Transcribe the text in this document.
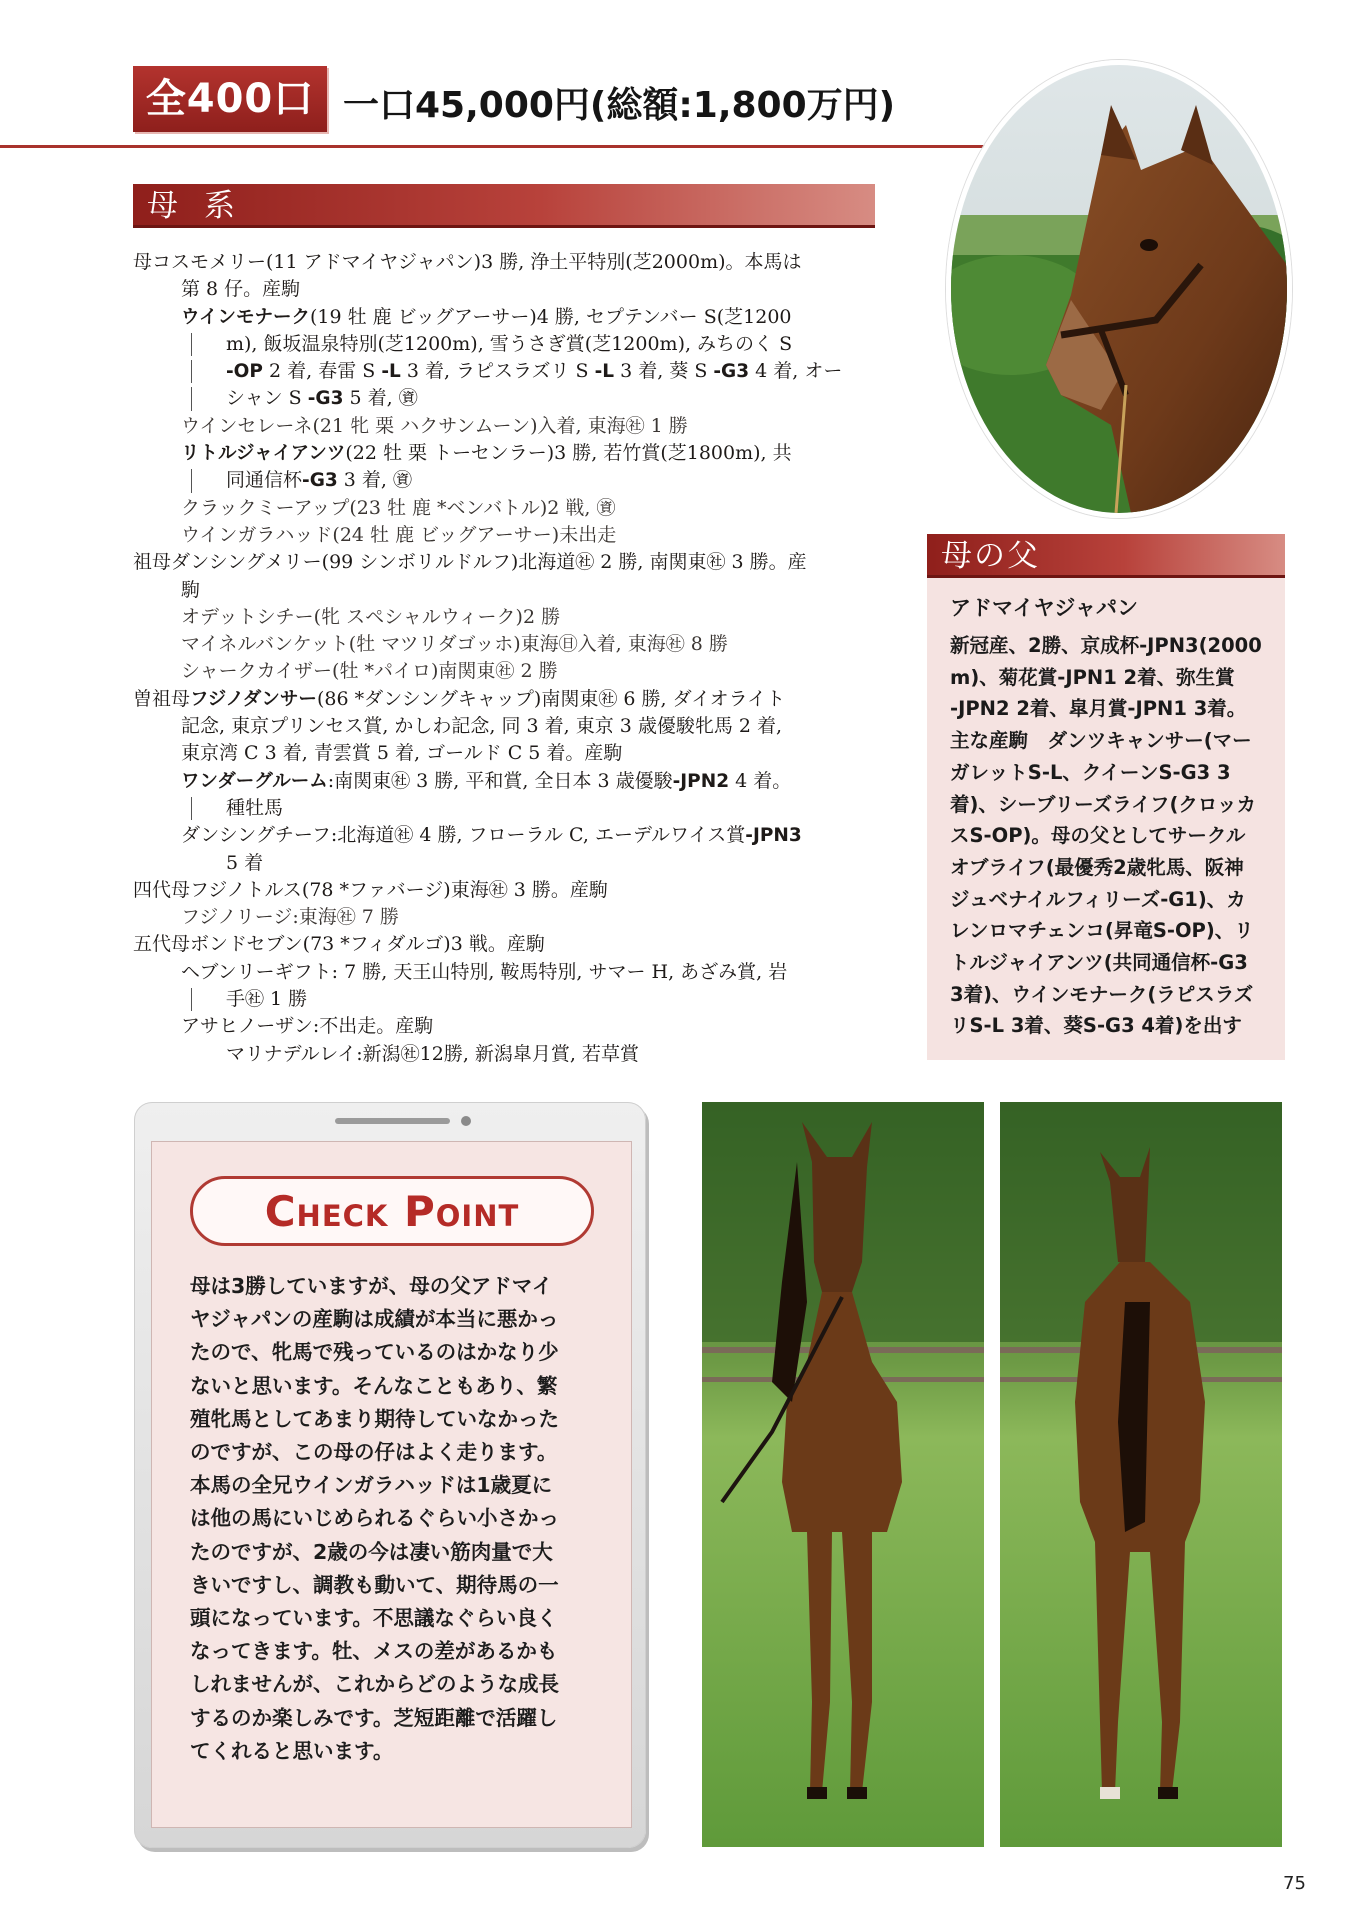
全400口 一口45,000円(総額:1,800万円)
母系
母コスモメリー(11 アドマイヤジャパン)3 勝, 浄土平特別(芝2000m)。本馬は
第 8 仔。産駒
ウインモナーク(19 牡 鹿 ビッグアーサー)4 勝, セプテンバー S(芝1200
m), 飯坂温泉特別(芝1200m), 雪うさぎ賞(芝1200m), みちのく S
-OP 2 着, 春雷 S -L 3 着, ラピスラズリ S -L 3 着, 葵 S -G3 4 着, オー
シャン S -G3 5 着, ㊮
ウインセレーネ(21 牝 栗 ハクサンムーン)入着, 東海㊓ 1 勝
リトルジャイアンツ(22 牡 栗 トーセンラー)3 勝, 若竹賞(芝1800m), 共
同通信杯-G3 3 着, ㊮
クラックミーアップ(23 牡 鹿 *ベンバトル)2 戦, ㊮
ウインガラハッド(24 牡 鹿 ビッグアーサー)未出走
祖母ダンシングメリー(99 シンボリルドルフ)北海道㊓ 2 勝, 南関東㊓ 3 勝。産
駒
オデットシチー(牝 スペシャルウィーク)2 勝
マイネルバンケット(牡 マツリダゴッホ)東海㊐入着, 東海㊓ 8 勝
シャークカイザー(牡 *パイロ)南関東㊓ 2 勝
曽祖母フジノダンサー(86 *ダンシングキャップ)南関東㊓ 6 勝, ダイオライト
記念, 東京プリンセス賞, かしわ記念, 同 3 着, 東京 3 歳優駿牝馬 2 着,
東京湾 C 3 着, 青雲賞 5 着, ゴールド C 5 着。産駒
ワンダーグルーム:南関東㊓ 3 勝, 平和賞, 全日本 3 歳優駿-JPN2 4 着。
種牡馬
ダンシングチーフ:北海道㊓ 4 勝, フローラル C, エーデルワイス賞-JPN3
5 着
四代母フジノトルス(78 *ファバージ)東海㊓ 3 勝。産駒
フジノリージ:東海㊓ 7 勝
五代母ボンドセブン(73 *フィダルゴ)3 戦。産駒
ヘブンリーギフト: 7 勝, 天王山特別, 鞍馬特別, サマー H, あざみ賞, 岩
手㊓ 1 勝
アサヒノーザン:不出走。産駒
マリナデルレイ:新潟㊓12勝, 新潟皐月賞, 若草賞
母の父
アドマイヤジャパン
新冠産、2勝、京成杯-JPN3(2000
m)、菊花賞-JPN1 2着、弥生賞
-JPN2 2着、皐月賞-JPN1 3着。
主な産駒　ダンツキャンサー(マー
ガレットS-L、クイーンS-G3 3
着)、シーブリーズライフ(クロッカ
スS-OP)。母の父としてサークル
オブライフ(最優秀2歳牝馬、阪神
ジュベナイルフィリーズ-G1)、カ
レンロマチェンコ(昇竜S-OP)、リ
トルジャイアンツ(共同通信杯-G3
3着)、ウインモナーク(ラピスラズ
リS-L 3着、葵S-G3 4着)を出す
Check Point
母は3勝していますが、母の父アドマイ
ヤジャパンの産駒は成績が本当に悪かっ
たので、牝馬で残っているのはかなり少
ないと思います。そんなこともあり、繁
殖牝馬としてあまり期待していなかった
のですが、この母の仔はよく走ります。
本馬の全兄ウインガラハッドは1歳夏に
は他の馬にいじめられるぐらい小さかっ
たのですが、2歳の今は凄い筋肉量で大
きいですし、調教も動いて、期待馬の一
頭になっています。不思議なぐらい良く
なってきます。牡、メスの差があるかも
しれませんが、これからどのような成長
するのか楽しみです。芝短距離で活躍し
てくれると思います。
75
